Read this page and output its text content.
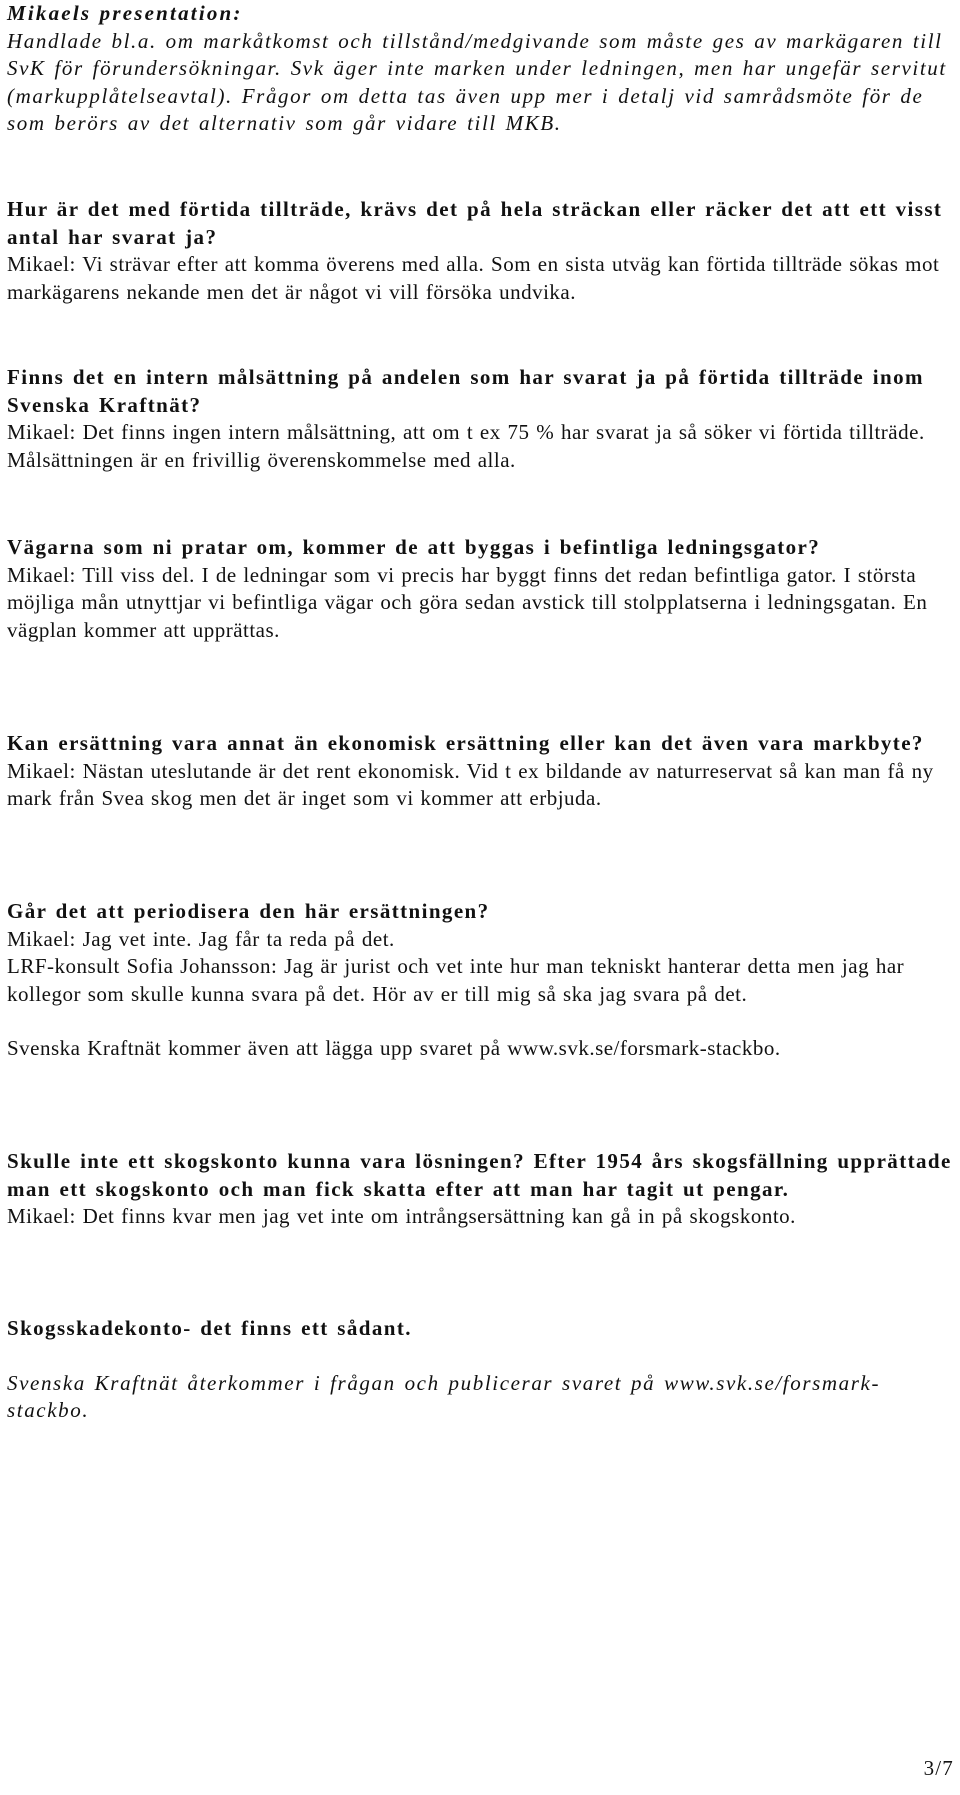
Mikaels presentation:

Handlade bl.a. om markåtkomst och tillstånd/medgivande som måste ges av markägaren till SvK för förundersökningar. Svk äger inte marken under ledningen, men har ungefär servitut (markupplåtelseavtal). Frågor om detta tas även upp mer i detalj vid samrådsmöte för de som berörs av det alternativ som går vidare till MKB.

Hur är det med förtida tillträde, krävs det på hela sträckan eller räcker det att ett visst antal har svarat ja?

Mikael: Vi strävar efter att komma överens med alla. Som en sista utväg kan förtida tillträde sökas mot markägarens nekande men det är något vi vill försöka undvika.

Finns det en intern målsättning på andelen som har svarat ja på förtida tillträde inom Svenska Kraftnät?

Mikael: Det finns ingen intern målsättning, att om t ex 75 % har svarat ja så söker vi förtida tillträde. Målsättningen är en frivillig överenskommelse med alla.

Vägarna som ni pratar om, kommer de att byggas i befintliga ledningsgator?

Mikael: Till viss del. I de ledningar som vi precis har byggt finns det redan befintliga gator. I största möjliga mån utnyttjar vi befintliga vägar och göra sedan avstick till stolpplatserna i ledningsgatan. En vägplan kommer att upprättas.

Kan ersättning vara annat än ekonomisk ersättning eller kan det även vara markbyte?

Mikael: Nästan uteslutande är det rent ekonomisk. Vid t ex bildande av naturreservat så kan man få ny mark från Svea skog men det är inget som vi kommer att erbjuda.

Går det att periodisera den här ersättningen?

Mikael: Jag vet inte. Jag får ta reda på det.

LRF-konsult Sofia Johansson: Jag är jurist och vet inte hur man tekniskt hanterar detta men jag har kollegor som skulle kunna svara på det. Hör av er till mig så ska jag svara på det.

Svenska Kraftnät kommer även att lägga upp svaret på www.svk.se/forsmark-stackbo.

Skulle inte ett skogskonto kunna vara lösningen? Efter 1954 års skogsfällning upprättade man ett skogskonto och man fick skatta efter att man har tagit ut pengar.

Mikael: Det finns kvar men jag vet inte om intrångsersättning kan gå in på skogskonto.

Skogsskadekonto- det finns ett sådant.

Svenska Kraftnät återkommer i frågan och publicerar svaret på www.svk.se/forsmark-stackbo.

3/7
